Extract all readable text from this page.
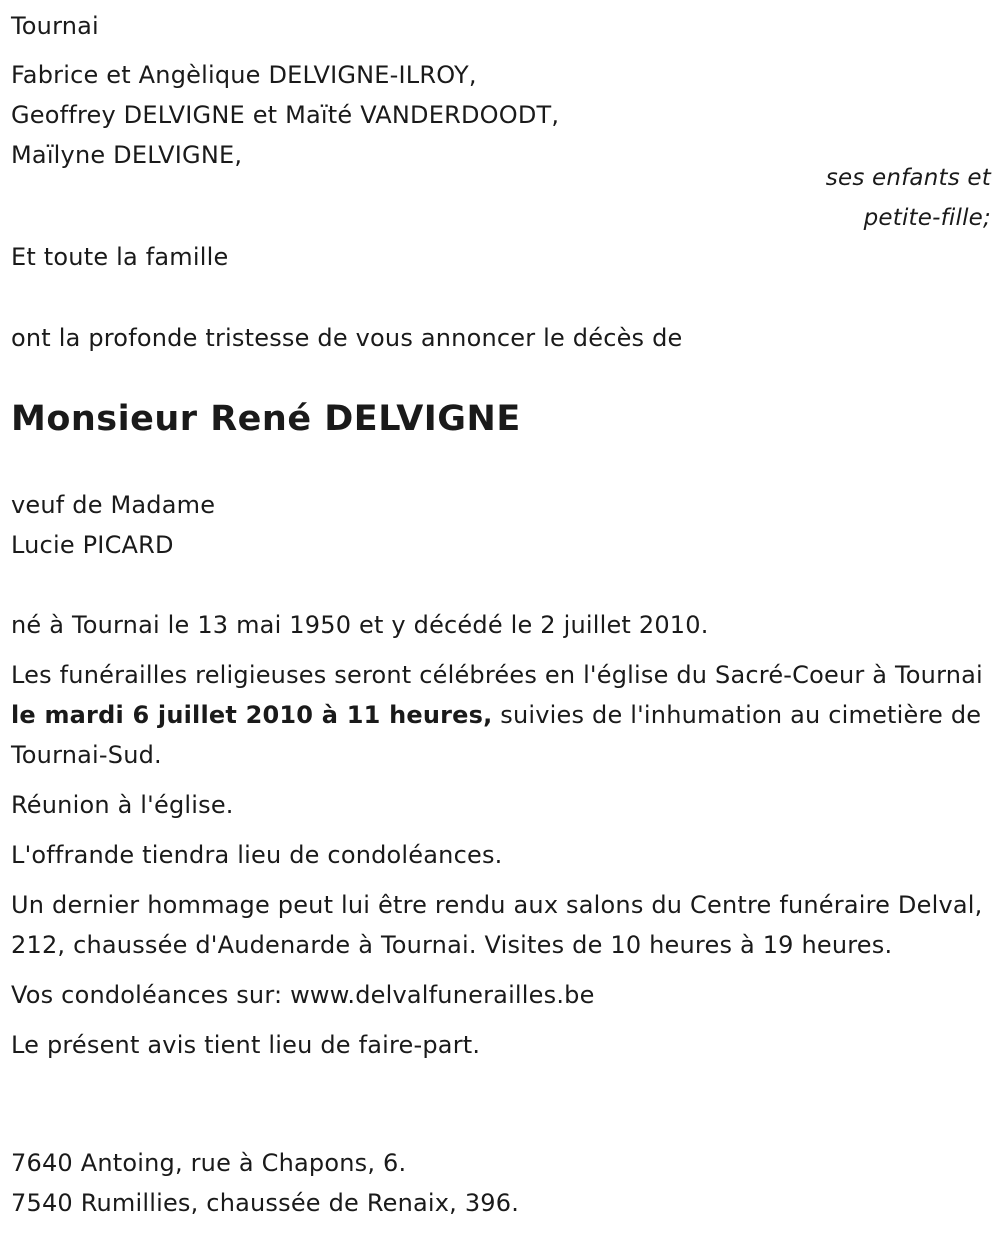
Tournai
Fabrice et Angèlique DELVIGNE-ILROY,
Geoffrey DELVIGNE et Maïté VANDERDOODT,
Maïlyne DELVIGNE,
ses enfants et
petite-fille;
Et toute la famille
ont la profonde tristesse de vous annoncer le décès de
Monsieur René DELVIGNE
veuf de Madame
Lucie PICARD

né à Tournai le 13 mai 1950 et y décédé le 2 juillet 2010.

Les funérailles religieuses seront célébrées en l'église du Sacré-Coeur à Tournai le mardi 6 juillet 2010 à 11 heures, suivies de l'inhumation au cimetière de Tournai-Sud.

Réunion à l'église.

L'offrande tiendra lieu de condoléances.

Un dernier hommage peut lui être rendu aux salons du Centre funéraire Delval, 212, chaussée d'Audenarde à Tournai. Visites de 10 heures à 19 heures.

Vos condoléances sur: www.delvalfunerailles.be

Le présent avis tient lieu de faire-part.

7640 Antoing, rue à Chapons, 6.
7540 Rumillies, chaussée de Renaix, 396.
